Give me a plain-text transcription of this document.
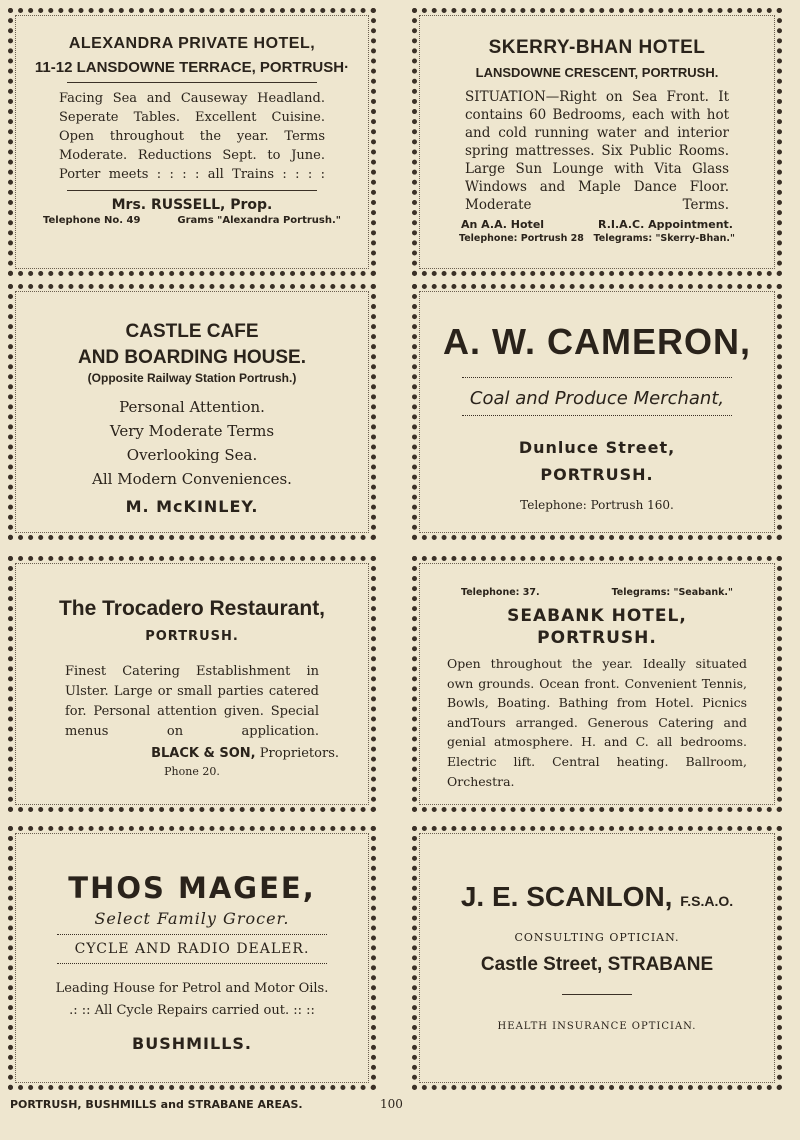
ALEXANDRA PRIVATE HOTEL,
11-12 LANSDOWNE TERRACE, PORTRUSH·

Facing Sea and Causeway Headland. Seperate Tables. Excellent Cuisine. Open throughout the year. Terms Moderate. Reductions Sept. to June. Porter meets : : : : all Trains : : : :

Mrs. RUSSELL, Prop.
Telephone No. 49	Grams "Alexandra Portrush."
SKERRY-BHAN HOTEL
LANSDOWNE CRESCENT, PORTRUSH.

SITUATION—Right on Sea Front. It contains 60 Bedrooms, each with hot and cold running water and interior spring mattresses. Six Public Rooms. Large Sun Lounge with Vita Glass Windows and Maple Dance Floor. Moderate Terms.

An A.A. Hotel	R.I.A.C. Appointment.
Telephone: Portrush 28 Telegrams: "Skerry-Bhan."
CASTLE CAFE
AND BOARDING HOUSE.
(Opposite Railway Station Portrush.)
Personal Attention.
Very Moderate Terms
Overlooking Sea.
All Modern Conveniences.
M. McKINLEY.
A. W. CAMERON,
Coal and Produce Merchant,
Dunluce Street,
PORTRUSH.
Telephone: Portrush 160.
The Trocadero Restaurant,
PORTRUSH.

Finest Catering Establishment in Ulster. Large or small parties catered for. Personal attention given. Special menus on application.

BLACK & SON, Proprietors.
Phone 20.
Telephone: 37.	Telegrams: "Seabank."
SEABANK HOTEL,
PORTRUSH.

Open throughout the year. Ideally situated own grounds. Ocean front. Convenient Tennis, Bowls, Boating. Bathing from Hotel. Picnics andTours arranged. Generous Catering and genial atmosphere. H. and C. all bedrooms. Electric lift. Central heating. Ballroom, Orchestra.

THOS MAGEE,
Select Family Grocer.
CYCLE AND RADIO DEALER.
Leading House for Petrol and Motor Oils.
.: :: All Cycle Repairs carried out. :: ::
BUSHMILLS.
J. E. SCANLON, F.S.A.O.
CONSULTING OPTICIAN.
Castle Street, STRABANE
HEALTH INSURANCE OPTICIAN.
PORTRUSH, BUSHMILLS and STRABANE AREAS.	100
